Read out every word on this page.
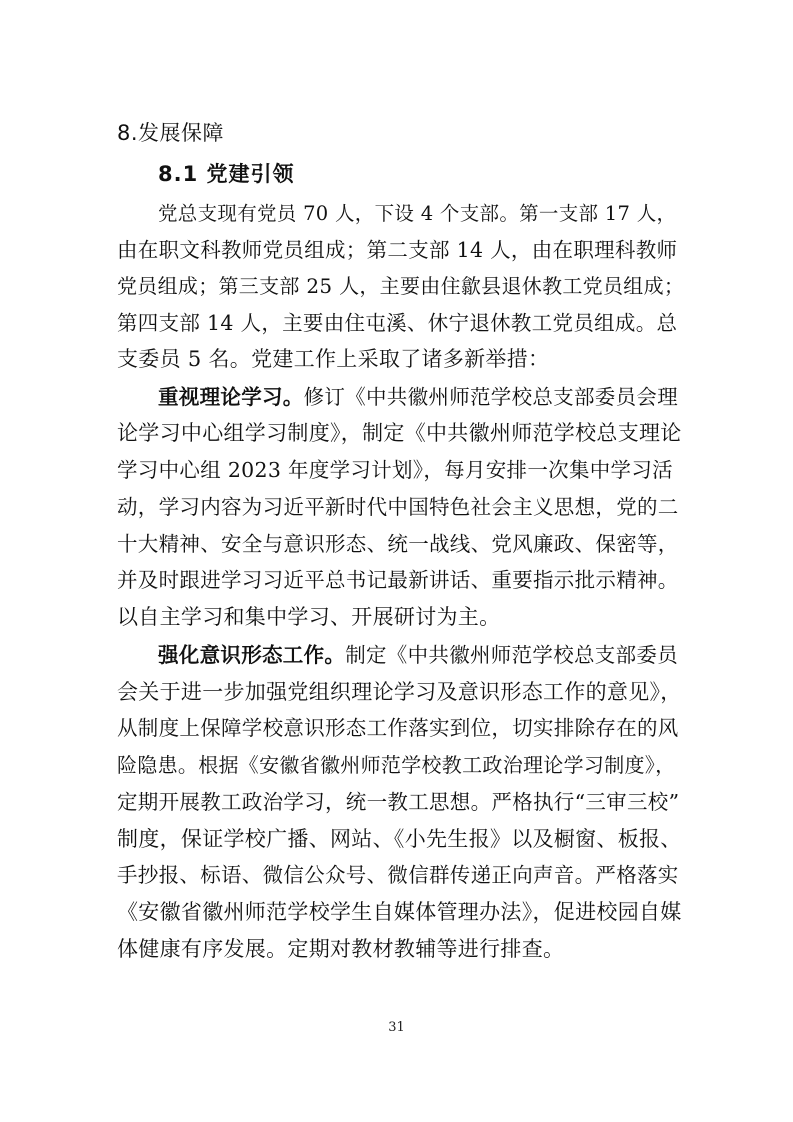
8.发展保障
8.1 党建引领
党总支现有党员 70 人，下设 4 个支部。第一支部 17 人，
由在职文科教师党员组成；第二支部 14 人，由在职理科教师
党员组成；第三支部 25 人，主要由住歙县退休教工党员组成；
第四支部 14 人，主要由住屯溪、休宁退休教工党员组成。总
支委员 5 名。党建工作上采取了诸多新举措：
重视理论学习。修订《中共徽州师范学校总支部委员会理
论学习中心组学习制度》，制定《中共徽州师范学校总支理论
学习中心组 2023 年度学习计划》，每月安排一次集中学习活
动，学习内容为习近平新时代中国特色社会主义思想，党的二
十大精神、安全与意识形态、统一战线、党风廉政、保密等，
并及时跟进学习习近平总书记最新讲话、重要指示批示精神。
以自主学习和集中学习、开展研讨为主。
强化意识形态工作。制定《中共徽州师范学校总支部委员
会关于进一步加强党组织理论学习及意识形态工作的意见》，
从制度上保障学校意识形态工作落实到位，切实排除存在的风
险隐患。根据《安徽省徽州师范学校教工政治理论学习制度》，
定期开展教工政治学习，统一教工思想。严格执行“三审三校”
制度，保证学校广播、网站、《小先生报》以及橱窗、板报、
手抄报、标语、微信公众号、微信群传递正向声音。严格落实
《安徽省徽州师范学校学生自媒体管理办法》，促进校园自媒
体健康有序发展。定期对教材教辅等进行排查。
31
